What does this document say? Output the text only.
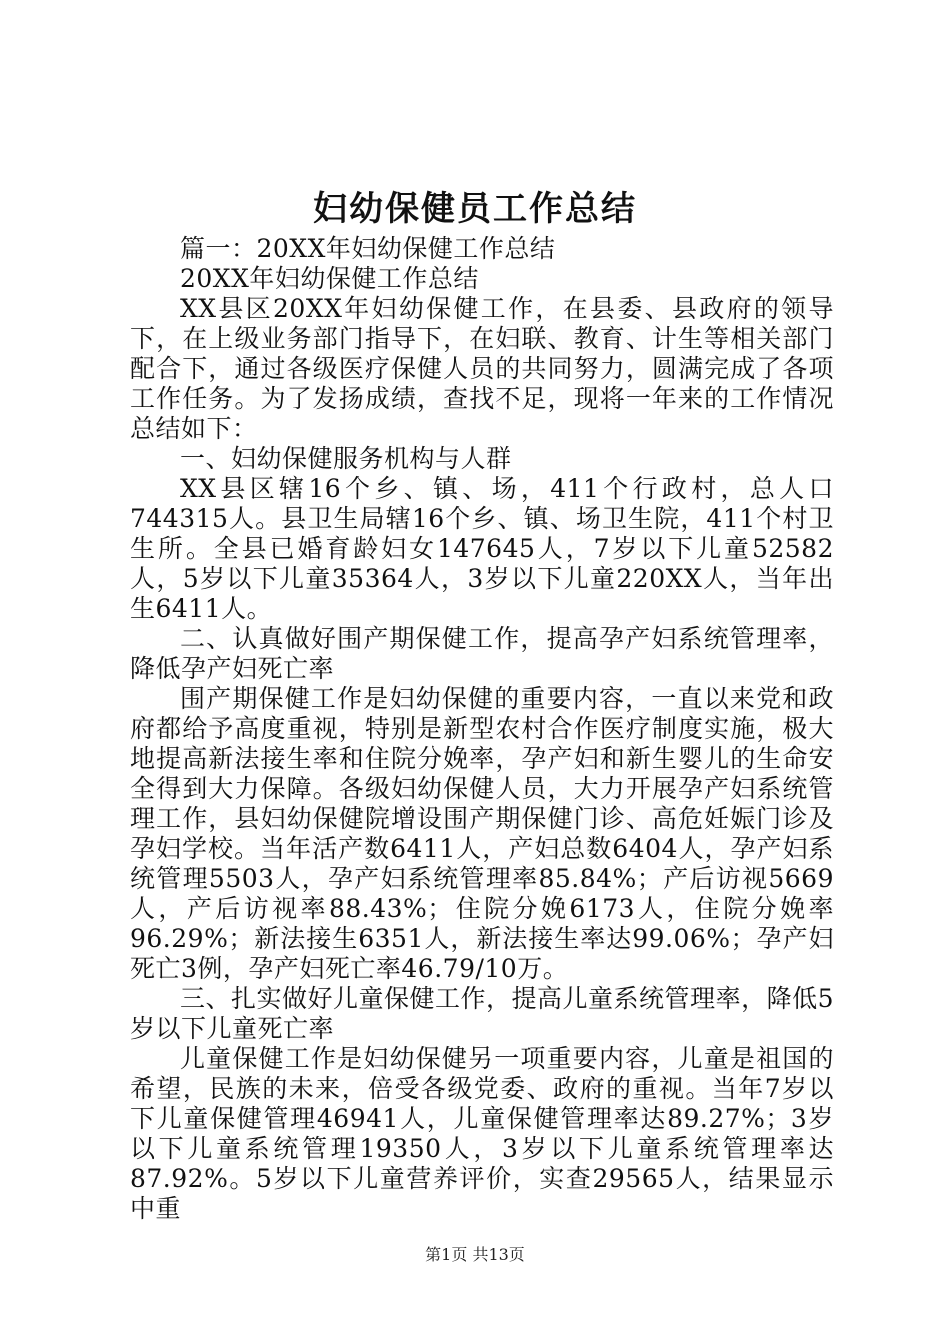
妇幼保健员工作总结

篇一：20XX年妇幼保健工作总结

20XX年妇幼保健工作总结

XX县区20XX年妇幼保健工作，在县委、县政府的领导下，在上级业务部门指导下，在妇联、教育、计生等相关部门配合下，通过各级医疗保健人员的共同努力，圆满完成了各项工作任务。为了发扬成绩，查找不足，现将一年来的工作情况总结如下：

一、妇幼保健服务机构与人群

XX县区辖16个乡、镇、场，411个行政村，总人口744315人。县卫生局辖16个乡、镇、场卫生院，411个村卫生所。全县已婚育龄妇女147645人，7岁以下儿童52582人，5岁以下儿童35364人，3岁以下儿童220XX人，当年出生6411人。

二、认真做好围产期保健工作，提高孕产妇系统管理率，降低孕产妇死亡率

围产期保健工作是妇幼保健的重要内容，一直以来党和政府都给予高度重视，特别是新型农村合作医疗制度实施，极大地提高新法接生率和住院分娩率，孕产妇和新生婴儿的生命安全得到大力保障。各级妇幼保健人员，大力开展孕产妇系统管理工作，县妇幼保健院增设围产期保健门诊、高危妊娠门诊及孕妇学校。当年活产数6411人，产妇总数6404人，孕产妇系统管理5503人，孕产妇系统管理率85.84%；产后访视5669人，产后访视率88.43%；住院分娩6173人，住院分娩率96.29%；新法接生6351人，新法接生率达99.06%；孕产妇死亡3例，孕产妇死亡率46.79/10万。

三、扎实做好儿童保健工作，提高儿童系统管理率，降低5岁以下儿童死亡率

儿童保健工作是妇幼保健另一项重要内容，儿童是祖国的希望，民族的未来，倍受各级党委、政府的重视。当年7岁以下儿童保健管理46941人，儿童保健管理率达89.27%；3岁以下儿童系统管理19350人，3岁以下儿童系统管理率达87.92%。5岁以下儿童营养评价，实查29565人，结果显示中重

第1页 共13页
